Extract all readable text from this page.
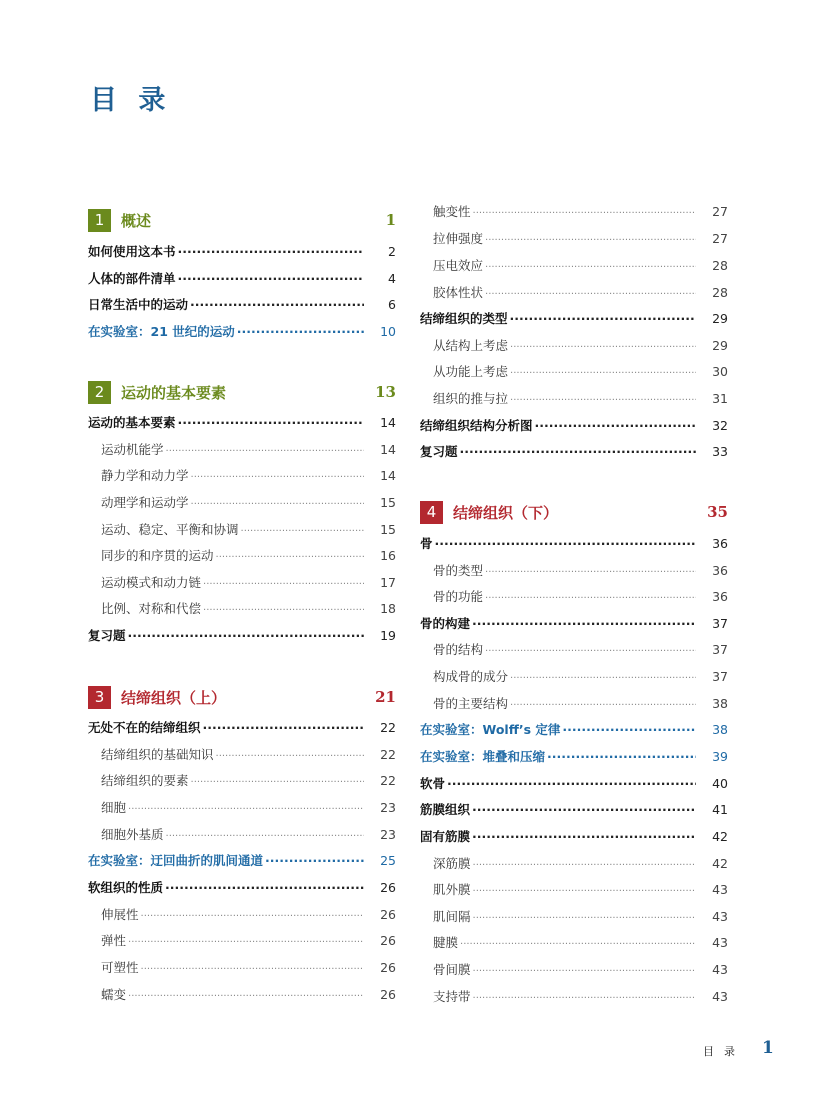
目 录
1	概述	1
如何使用这本书 ·····	2
人体的部件清单 ·····	4
日常生活中的运动 ·····	6
在实验室：21 世纪的运动 ·····	10
2	运动的基本要素	13
运动的基本要素 ·····	14
运动机能学 ·····	14
静力学和动力学 ·····	14
动理学和运动学 ·····	15
运动、稳定、平衡和协调 ·····	15
同步的和序贯的运动 ·····	16
运动模式和动力链 ·····	17
比例、对称和代偿 ·····	18
复习题 ·····	19
3	结缔组织（上）	21
无处不在的结缔组织 ·····	22
结缔组织的基础知识 ·····	22
结缔组织的要素 ·····	22
细胞 ·····	23
细胞外基质 ·····	23
在实验室：迂回曲折的肌间通道 ·····	25
软组织的性质 ·····	26
伸展性 ·····	26
弹性 ·····	26
可塑性 ·····	26
蠕变 ·····	26
触变性 ·····	27
拉伸强度 ·····	27
压电效应 ·····	28
胶体性状 ·····	28
结缔组织的类型 ·····	29
从结构上考虑 ·····	29
从功能上考虑 ·····	30
组织的推与拉 ·····	31
结缔组织结构分析图 ·····	32
复习题 ·····	33
4	结缔组织（下）	35
骨 ·····	36
骨的类型 ·····	36
骨的功能 ·····	36
骨的构建 ·····	37
骨的结构 ·····	37
构成骨的成分 ·····	37
骨的主要结构 ·····	38
在实验室：Wolff’s 定律 ·····	38
在实验室：堆叠和压缩 ·····	39
软骨 ·····	40
筋膜组织 ·····	41
固有筋膜 ·····	42
深筋膜 ·····	42
肌外膜 ·····	43
肌间隔 ·····	43
腱膜 ·····	43
骨间膜 ·····	43
支持带 ·····	43
目录 1
